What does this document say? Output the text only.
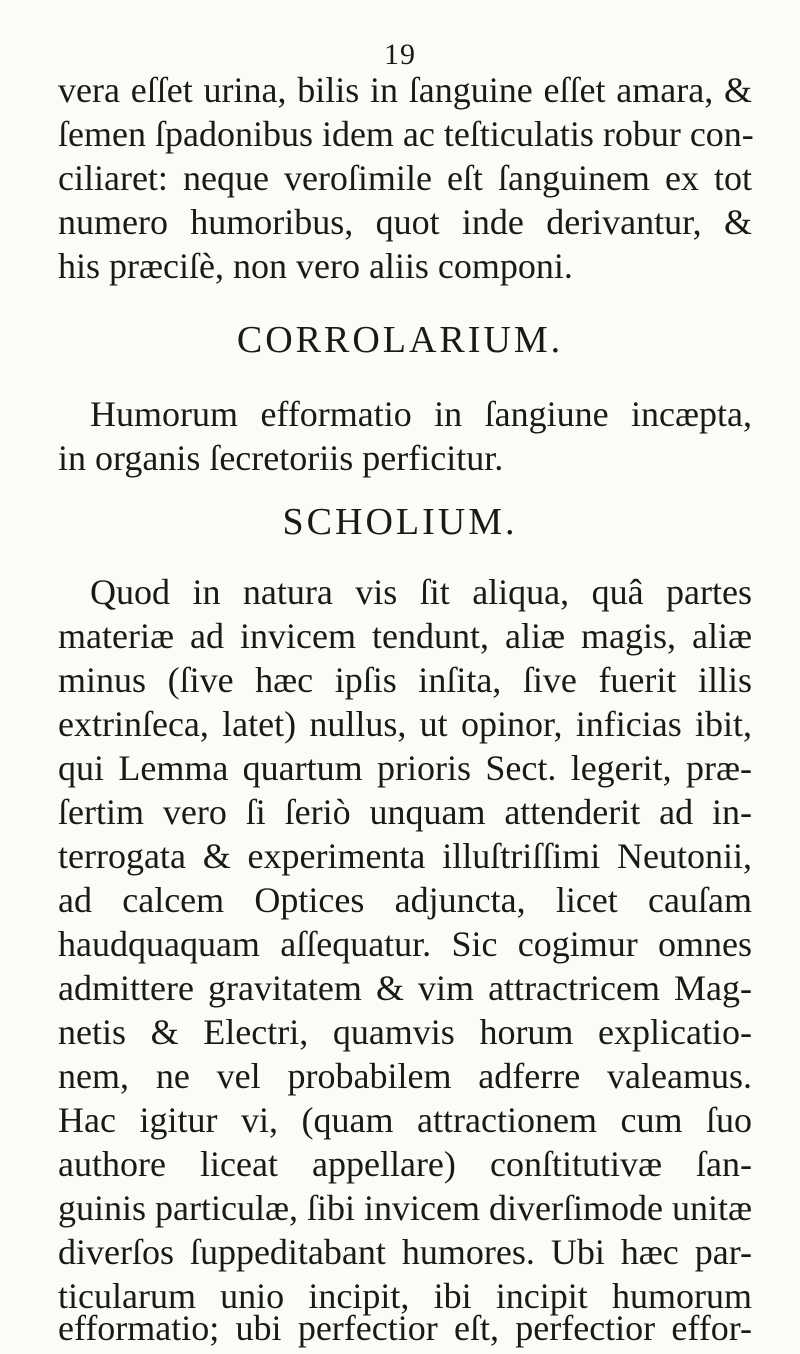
19
vera eſſet urina, bilis in ſanguine eſſet amara, &
ſemen ſpadonibus idem ac teſticulatis robur con-
ciliaret: neque veroſimile eſt ſanguinem ex tot
numero humoribus, quot inde derivantur, &
his præciſè, non vero aliis componi.
CORROLARIUM.
Humorum efformatio in ſangiune incæpta,
in organis ſecretoriis perficitur.
SCHOLIUM.
Quod in natura vis ſit aliqua, quâ partes
materiæ ad invicem tendunt, aliæ magis, aliæ
minus (ſive hæc ipſis inſita, ſive fuerit illis
extrinſeca, latet) nullus, ut opinor, inficias ibit,
qui Lemma quartum prioris Sect. legerit, præ-
ſertim vero ſi ſeriò unquam attenderit ad in-
terrogata & experimenta illuſtriſſimi Neutonii,
ad calcem Optices adjuncta, licet cauſam
haudquaquam aſſequatur. Sic cogimur omnes
admittere gravitatem & vim attractricem Mag-
netis & Electri, quamvis horum explicatio-
nem, ne vel probabilem adferre valeamus.
Hac igitur vi, (quam attractionem cum ſuo
authore liceat appellare) conſtitutivæ ſan-
guinis particulæ, ſibi invicem diverſimode unitæ
diverſos ſuppeditabant humores. Ubi hæc par-
ticularum unio incipit, ibi incipit humorum
efformatio; ubi perfectior eſt, perfectior effor-
